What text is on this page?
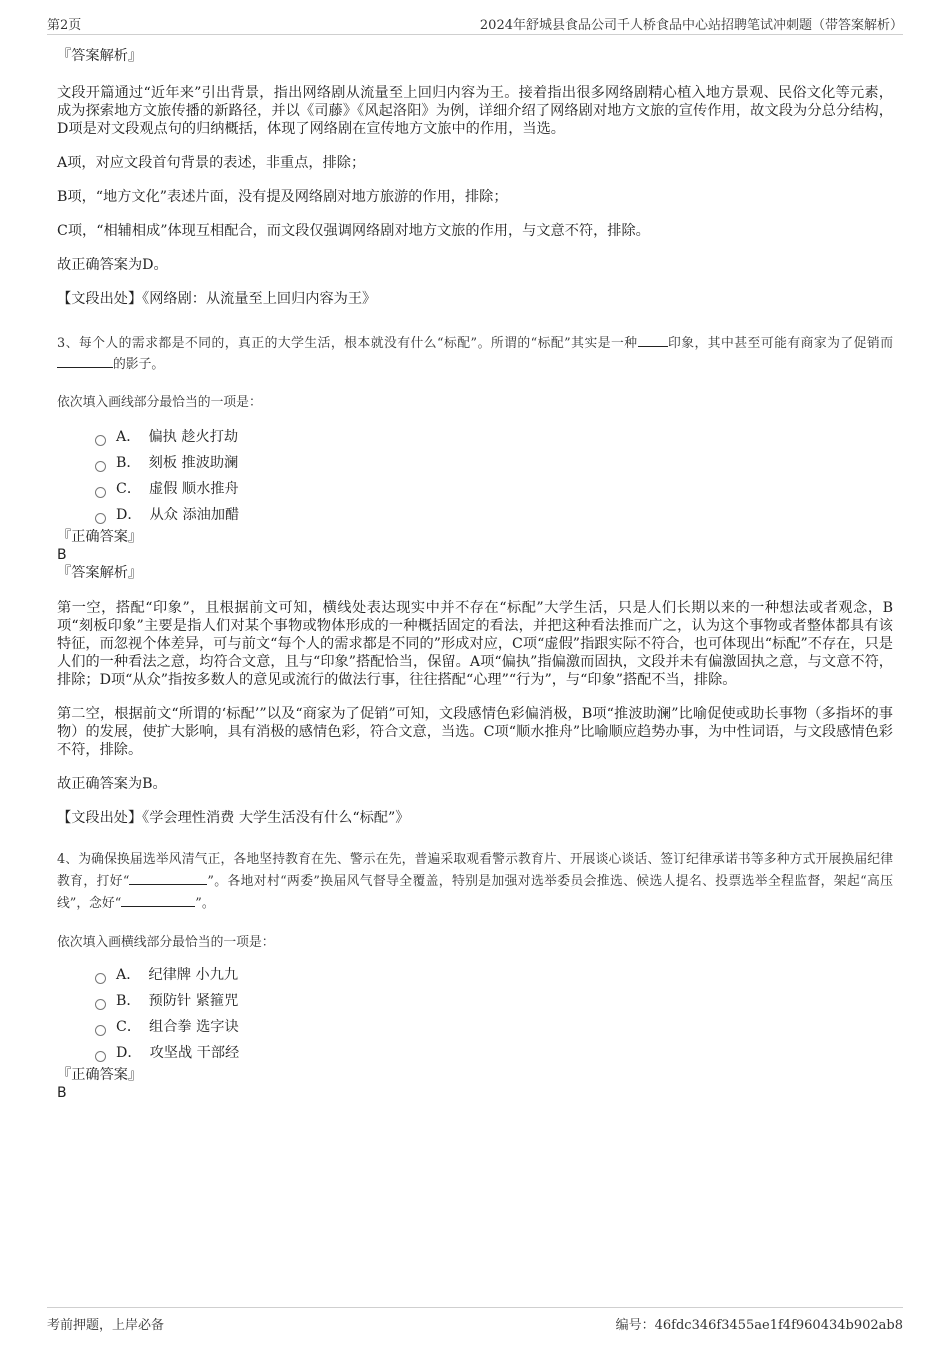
第2页	2024年舒城县食品公司千人桥食品中心站招聘笔试冲刺题（带答案解析）
『答案解析』

文段开篇通过“近年来”引出背景，指出网络剧从流量至上回归内容为王。接着指出很多网络剧精心植入地方景观、民俗文化等元素，成为探索地方文旅传播的新路径，并以《司藤》《风起洛阳》为例，详细介绍了网络剧对地方文旅的宣传作用，故文段为分总分结构，D项是对文段观点句的归纳概括，体现了网络剧在宣传地方文旅中的作用，当选。

A项，对应文段首句背景的表述，非重点，排除；

B项，“地方文化”表述片面，没有提及网络剧对地方旅游的作用，排除；

C项，“相辅相成”体现互相配合，而文段仅强调网络剧对地方文旅的作用，与文意不符，排除。

故正确答案为D。

【文段出处】《网络剧：从流量至上回归内容为王》

3、每个人的需求都是不同的，真正的大学生活，根本就没有什么“标配”。所谓的“标配”其实是一种 印象，其中甚至可能有商家为了促销而的影子。

依次填入画线部分最恰当的一项是：

A． 偏执 趁火打劫
B． 刻板 推波助澜
C． 虚假 顺水推舟
D． 从众 添油加醋
『正确答案』
B
『答案解析』

第一空，搭配“印象”，且根据前文可知，横线处表达现实中并不存在“标配”大学生活，只是人们长期以来的一种想法或者观念，B项“刻板印象”主要是指人们对某个事物或物体形成的一种概括固定的看法，并把这种看法推而广之，认为这个事物或者整体都具有该特征，而忽视个体差异，可与前文“每个人的需求都是不同的”形成对应，C项“虚假”指跟实际不符合，也可体现出“标配”不存在，只是人们的一种看法之意，均符合文意，且与“印象”搭配恰当，保留。A项“偏执”指偏激而固执，文段并未有偏激固执之意，与文意不符，排除；D项“从众”指按多数人的意见或流行的做法行事，往往搭配“心理”“行为”，与“印象”搭配不当，排除。

第二空，根据前文“所谓的‘标配’”以及“商家为了促销”可知，文段感情色彩偏消极，B项“推波助澜”比喻促使或助长事物（多指坏的事物）的发展，使扩大影响，具有消极的感情色彩，符合文意，当选。C项“顺水推舟”比喻顺应趋势办事，为中性词语，与文段感情色彩不符，排除。

故正确答案为B。

【文段出处】《学会理性消费 大学生活没有什么“标配”》

4、为确保换届选举风清气正，各地坚持教育在先、警示在先，普遍采取观看警示教育片、开展谈心谈话、签订纪律承诺书等多种方式开展换届纪律教育，打好“	”。各地对村“两委”换届风气督导全覆盖，特别是加强对选举委员会推选、候选人提名、投票选举全程监督，架起“高压线”，念好“	”。

依次填入画横线部分最恰当的一项是：

A． 纪律牌 小九九
B． 预防针 紧箍咒
C． 组合拳 选字诀
D． 攻坚战 干部经
『正确答案』
B
考前押题，上岸必备	编号：46fdc346f3455ae1f4f960434b902ab8
